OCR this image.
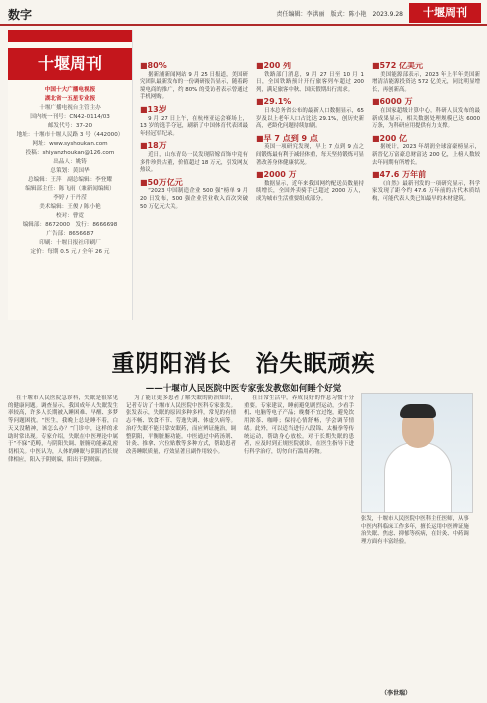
数字	责任编辑：李洪丽　版式：陈小艳　2023.9.28	十堰周刊
十堰周刊
中国十大广播电视报
湖北省一五星专业报
十堰广播电视台主管主办
国内统一刊号：CN42-0114/03
邮发代号：37-20
地址：十堰市十堰人民路 3 号（442000）
网址：www.syshoukan.com
投稿：shiyanzhoukan@126.com
出品人：姚铸
总策划：黄国华
总编辑：王萍　副总编辑：李登耀
编辑部主任：陈飞雨（兼新闻编辑）
李婷 / 于丹滢
美术编辑：王俊 / 陈小艳
校对：曹霓
编辑部：8672000　发行：8666698
广告部：8656687
印刷：十堰日报社印刷厂
定价：每期 0.5 元 / 全年 26 元
■80%

据新浦新闻网站 9 月 25 日报道，美国研究团队最新发布的一份调研报告显示，随着跨境电商的推广，约 80% 的受访者表示曾通过手机网购。

■13岁

9 月 27 日上午，在杭州亚运会赛场上，13 岁的选手夺冠，刷新了中国体育代表团最年轻冠军纪录。

■18万

近日，山东青岛一民发现陪嫁首饰中竟有多件珍贵古董，价值超过 18 万元，引发网友热议。

■50万亿元

“2023 中国制造企业 500 强”榜单 9 月 20 日发布，500 强企业营业收入首次突破 50 万亿元大关。

■200 列

铁路部门消息，9 月 27 日至 10 月 1 日，全国铁路预计开行旅客列车超过 200 列，满足旅客中秋、国庆假期出行需求。

■29.1%

日本总务省公布的最新人口数据显示，65 岁及以上老年人口占比达 29.1%，创历史新高，老龄化问题持续加剧。

■早 7 点到 9 点

英国一项研究发现，早上 7 点到 9 点之间锻炼最有利于减轻体重，每天坚持锻炼可显著改善身体健康状况。

■2000 万

数据显示，近年来我国网约配送员数量持续增长，全国外卖骑手已超过 2000 万人，成为城市生活重要组成部分。

■572 亿美元

美国能源部表示，2023 年上半年美国新增清洁能源投资达 572 亿美元，同比明显增长，再创新高。

■6000 万

在国家超级计算中心，科研人员发布的最新成果显示，相关数据处理规模已达 6000 万条，为科研应用提供有力支撑。

■200 亿

据统计，2023 年胡润全球富豪榜显示，新晋亿万富豪总财富达 200 亿，上榜人数较去年同期有所增长。

■47.6 万年前

《自然》最新刊发的一项研究显示，科学家发现了距今约 47.6 万年前的古代木质结构，可能代表人类已知最早的木材建筑。

重阴阳消长　治失眠顽疾
——十堰市人民医院中医专家张发教您如何睡个好觉

在十堰市人民医院急诊科，失眠是很常见的健康问题。调查显示，我国成年人失眠发生率较高，许多人长期被入睡困难、早醒、多梦等问题困扰。“医生，我晚上总是睡不着，白天又没精神，该怎么办？”门诊中，这样的求助时常出现。专家介绍，失眠在中医理论中属于“不寐”范畴，与阴阳失调、脏腑功能紊乱密切相关。中医认为，人体的睡眠与阴阳消长规律相应，阳入于阴则寐，阳出于阴则寤。

为了能让更多患者了解失眠的防治知识，记者专访了十堰市人民医院中医科专家张发。张发表示，失眠的原因多种多样，常见的有情志不畅、饮食不节、劳逸失调、体虚久病等。治疗失眠不能只靠安眠药，而应辨证施治，调整阴阳，平衡脏腑功能。中医通过中药汤剂、针灸、推拿、穴位贴敷等多种方式，帮助患者改善睡眠质量，疗效显著且副作用较小。

在日常生活中，养成良好的作息习惯十分重要。专家建议，睡前避免剧烈运动，少看手机、电脑等电子产品；晚餐不宜过饱，避免饮用浓茶、咖啡；保持心情舒畅，学会调节情绪。此外，可以适当进行八段锦、太极拳等传统运动，帮助身心放松。对于长期失眠的患者，应及时到正规医院就诊，在医生指导下进行科学治疗，切勿自行滥用药物。

张发，十堰市人民医院中医科主任医师，从事中医内科临床工作多年，擅长运用中医辨证施治失眠、焦虑、抑郁等疾病，在针灸、中药调理方面有丰富经验。
（李世瑞）
